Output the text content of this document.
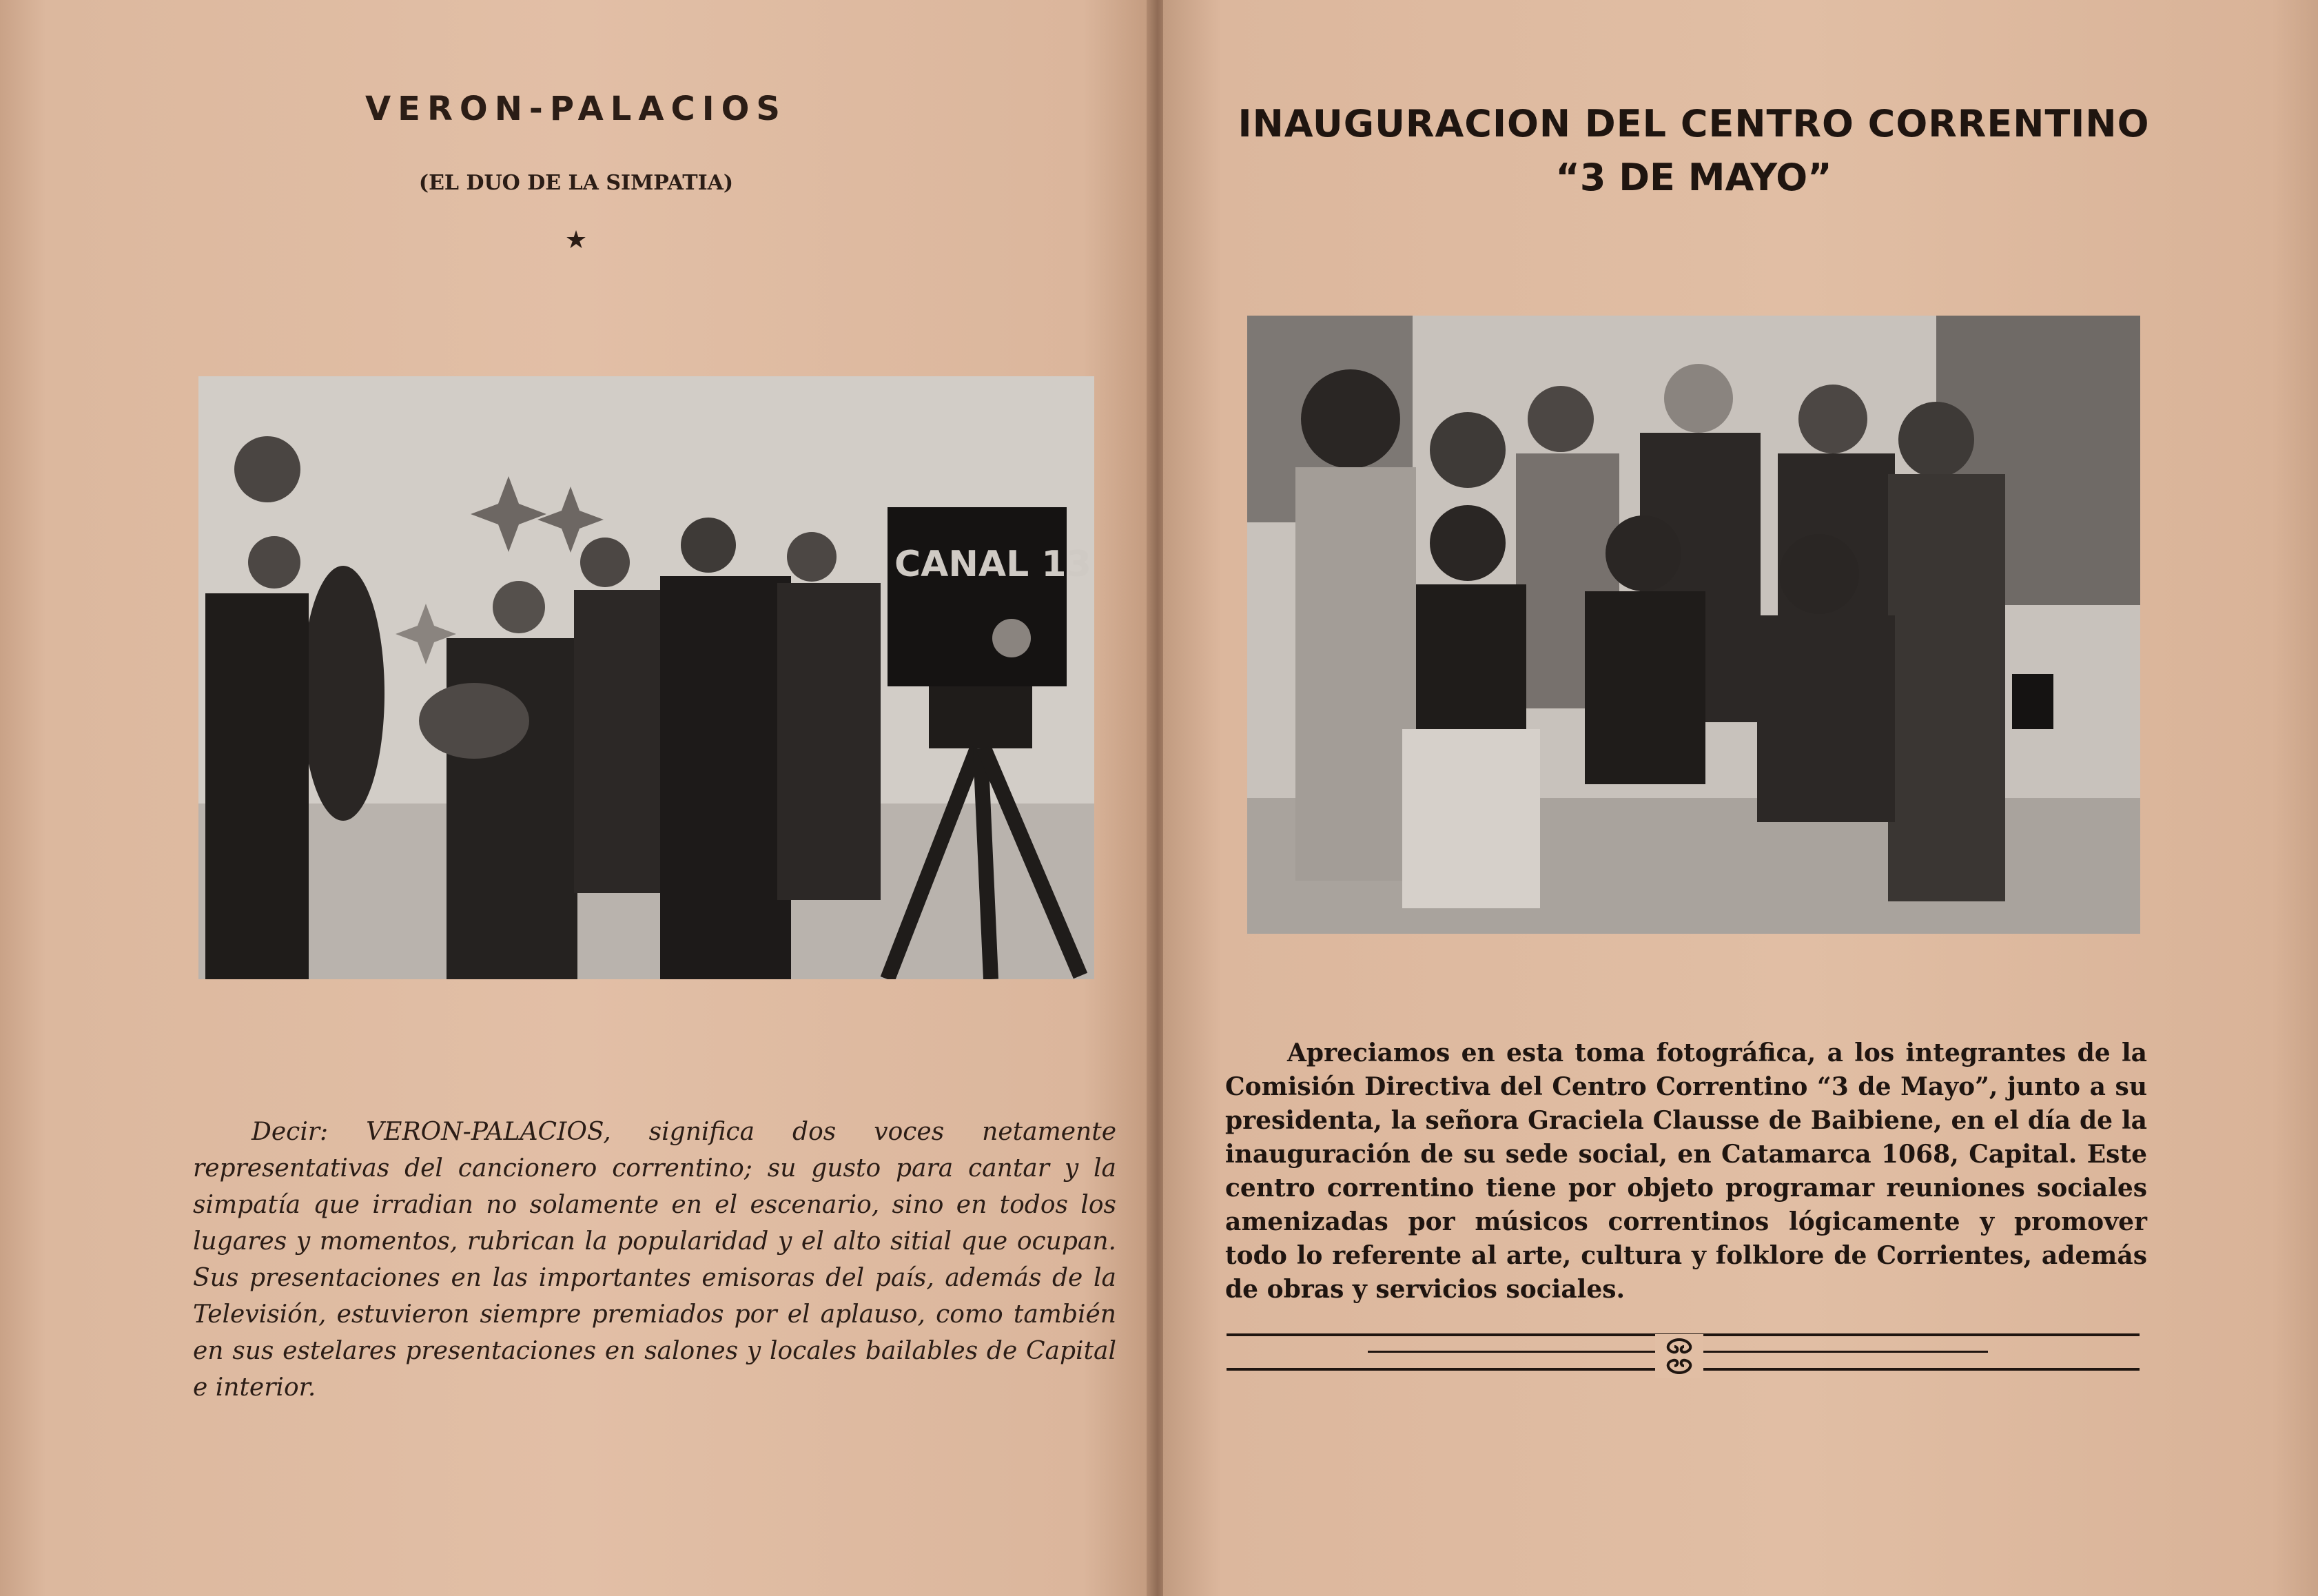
VERON-PALACIOS
(EL DUO DE LA SIMPATIA)
★
CANAL 13

Decir: VERON-PALACIOS, significa dos voces netamente representativas del cancionero correntino; su gusto para cantar y la simpatía que irradian no solamente en el escenario, sino en todos los lugares y momentos, rubrican la popularidad y el alto sitial que ocupan. Sus presentaciones en las importantes emisoras del país, además de la Televisión, estuvieron siempre premiados por el aplauso, como también en sus estelares presentaciones en salones y locales bailables de Capital e interior.

INAUGURACION DEL CENTRO CORRENTINO
“3 DE MAYO”

Apreciamos en esta toma fotográfica, a los integrantes de la Comisión Directiva del Centro Correntino “3 de Mayo”, junto a su presidenta, la señora Graciela Clausse de Baibiene, en el día de la inauguración de su sede social, en Catamarca 1068, Capital. Este centro correntino tiene por objeto programar reuniones sociales amenizadas por músicos correntinos lógicamente y promover todo lo referente al arte, cultura y folklore de Corrientes, además de obras y servicios sociales.
